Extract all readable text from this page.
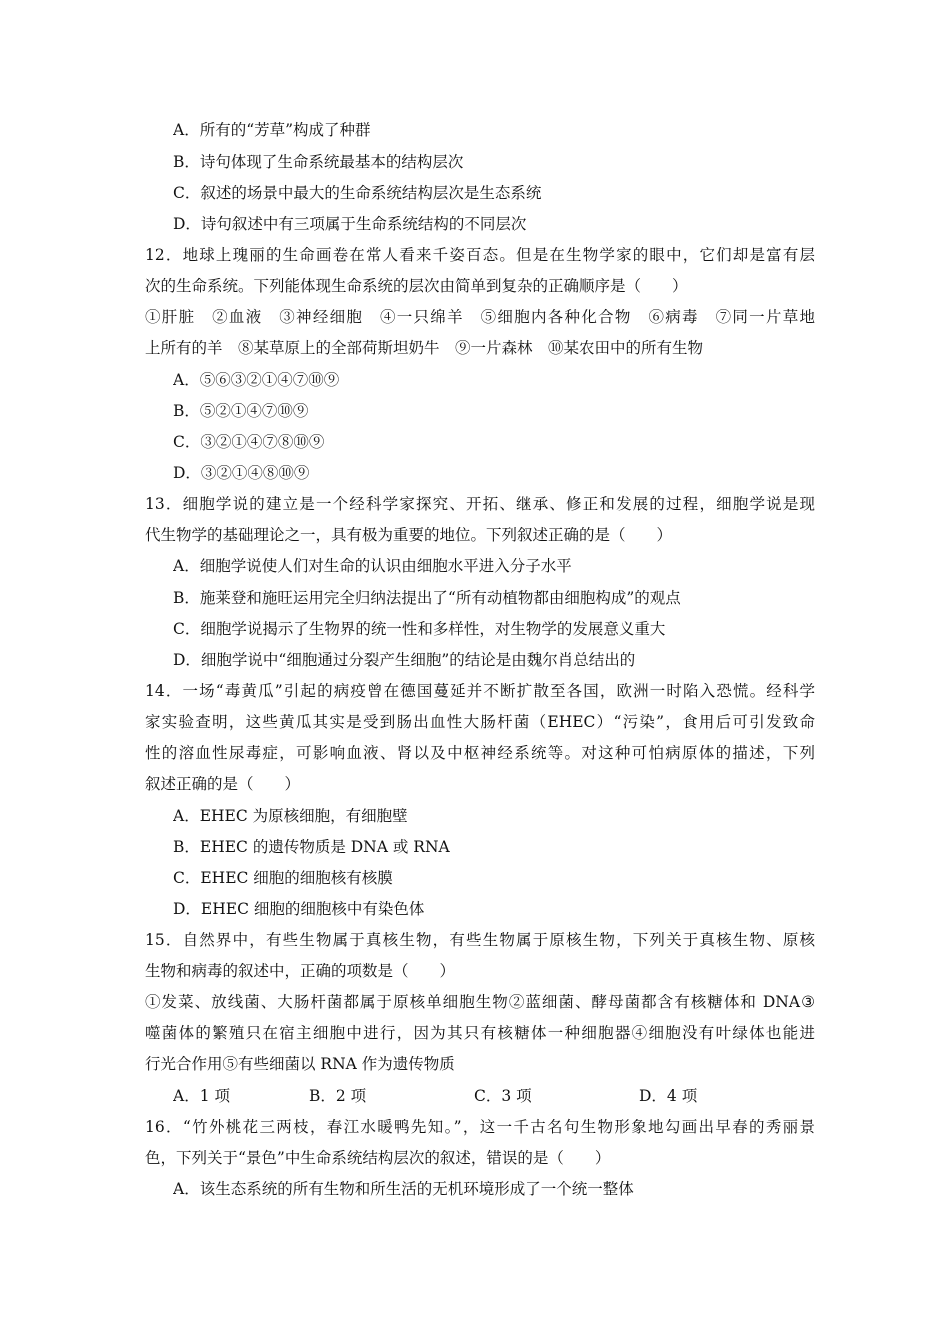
A．所有的“芳草”构成了种群
B．诗句体现了生命系统最基本的结构层次
C．叙述的场景中最大的生命系统结构层次是生态系统
D．诗句叙述中有三项属于生命系统结构的不同层次
12．地球上瑰丽的生命画卷在常人看来千姿百态。但是在生物学家的眼中，它们却是富有层
次的生命系统。下列能体现生命系统的层次由简单到复杂的正确顺序是（　　）
①肝脏　②血液　③神经细胞　④一只绵羊　⑤细胞内各种化合物　⑥病毒　⑦同一片草地
上所有的羊　⑧某草原上的全部荷斯坦奶牛　⑨一片森林　⑩某农田中的所有生物
A．⑤⑥③②①④⑦⑩⑨
B．⑤②①④⑦⑩⑨
C．③②①④⑦⑧⑩⑨
D．③②①④⑧⑩⑨
13．细胞学说的建立是一个经科学家探究、开拓、继承、修正和发展的过程，细胞学说是现
代生物学的基础理论之一，具有极为重要的地位。下列叙述正确的是（　　）
A．细胞学说使人们对生命的认识由细胞水平进入分子水平
B．施莱登和施旺运用完全归纳法提出了“所有动植物都由细胞构成”的观点
C．细胞学说揭示了生物界的统一性和多样性，对生物学的发展意义重大
D．细胞学说中“细胞通过分裂产生细胞”的结论是由魏尔肖总结出的
14．一场“毒黄瓜”引起的病疫曾在德国蔓延并不断扩散至各国，欧洲一时陷入恐慌。经科学
家实验查明，这些黄瓜其实是受到肠出血性大肠杆菌（EHEC）“污染”，食用后可引发致命
性的溶血性尿毒症，可影响血液、肾以及中枢神经系统等。对这种可怕病原体的描述，下列
叙述正确的是（　　）
A．EHEC 为原核细胞，有细胞壁
B．EHEC 的遗传物质是 DNA 或 RNA
C．EHEC 细胞的细胞核有核膜
D．EHEC 细胞的细胞核中有染色体
15．自然界中，有些生物属于真核生物，有些生物属于原核生物，下列关于真核生物、原核
生物和病毒的叙述中，正确的项数是（　　）
①发菜、放线菌、大肠杆菌都属于原核单细胞生物②蓝细菌、酵母菌都含有核糖体和 DNA③
噬菌体的繁殖只在宿主细胞中进行，因为其只有核糖体一种细胞器④细胞没有叶绿体也能进
行光合作用⑤有些细菌以 RNA 作为遗传物质
A．1 项	B．2 项	C．3 项	D．4 项
16．“竹外桃花三两枝，春江水暖鸭先知。”，这一千古名句生物形象地勾画出早春的秀丽景
色，下列关于“景色”中生命系统结构层次的叙述，错误的是（　　）
A．该生态系统的所有生物和所生活的无机环境形成了一个统一整体
